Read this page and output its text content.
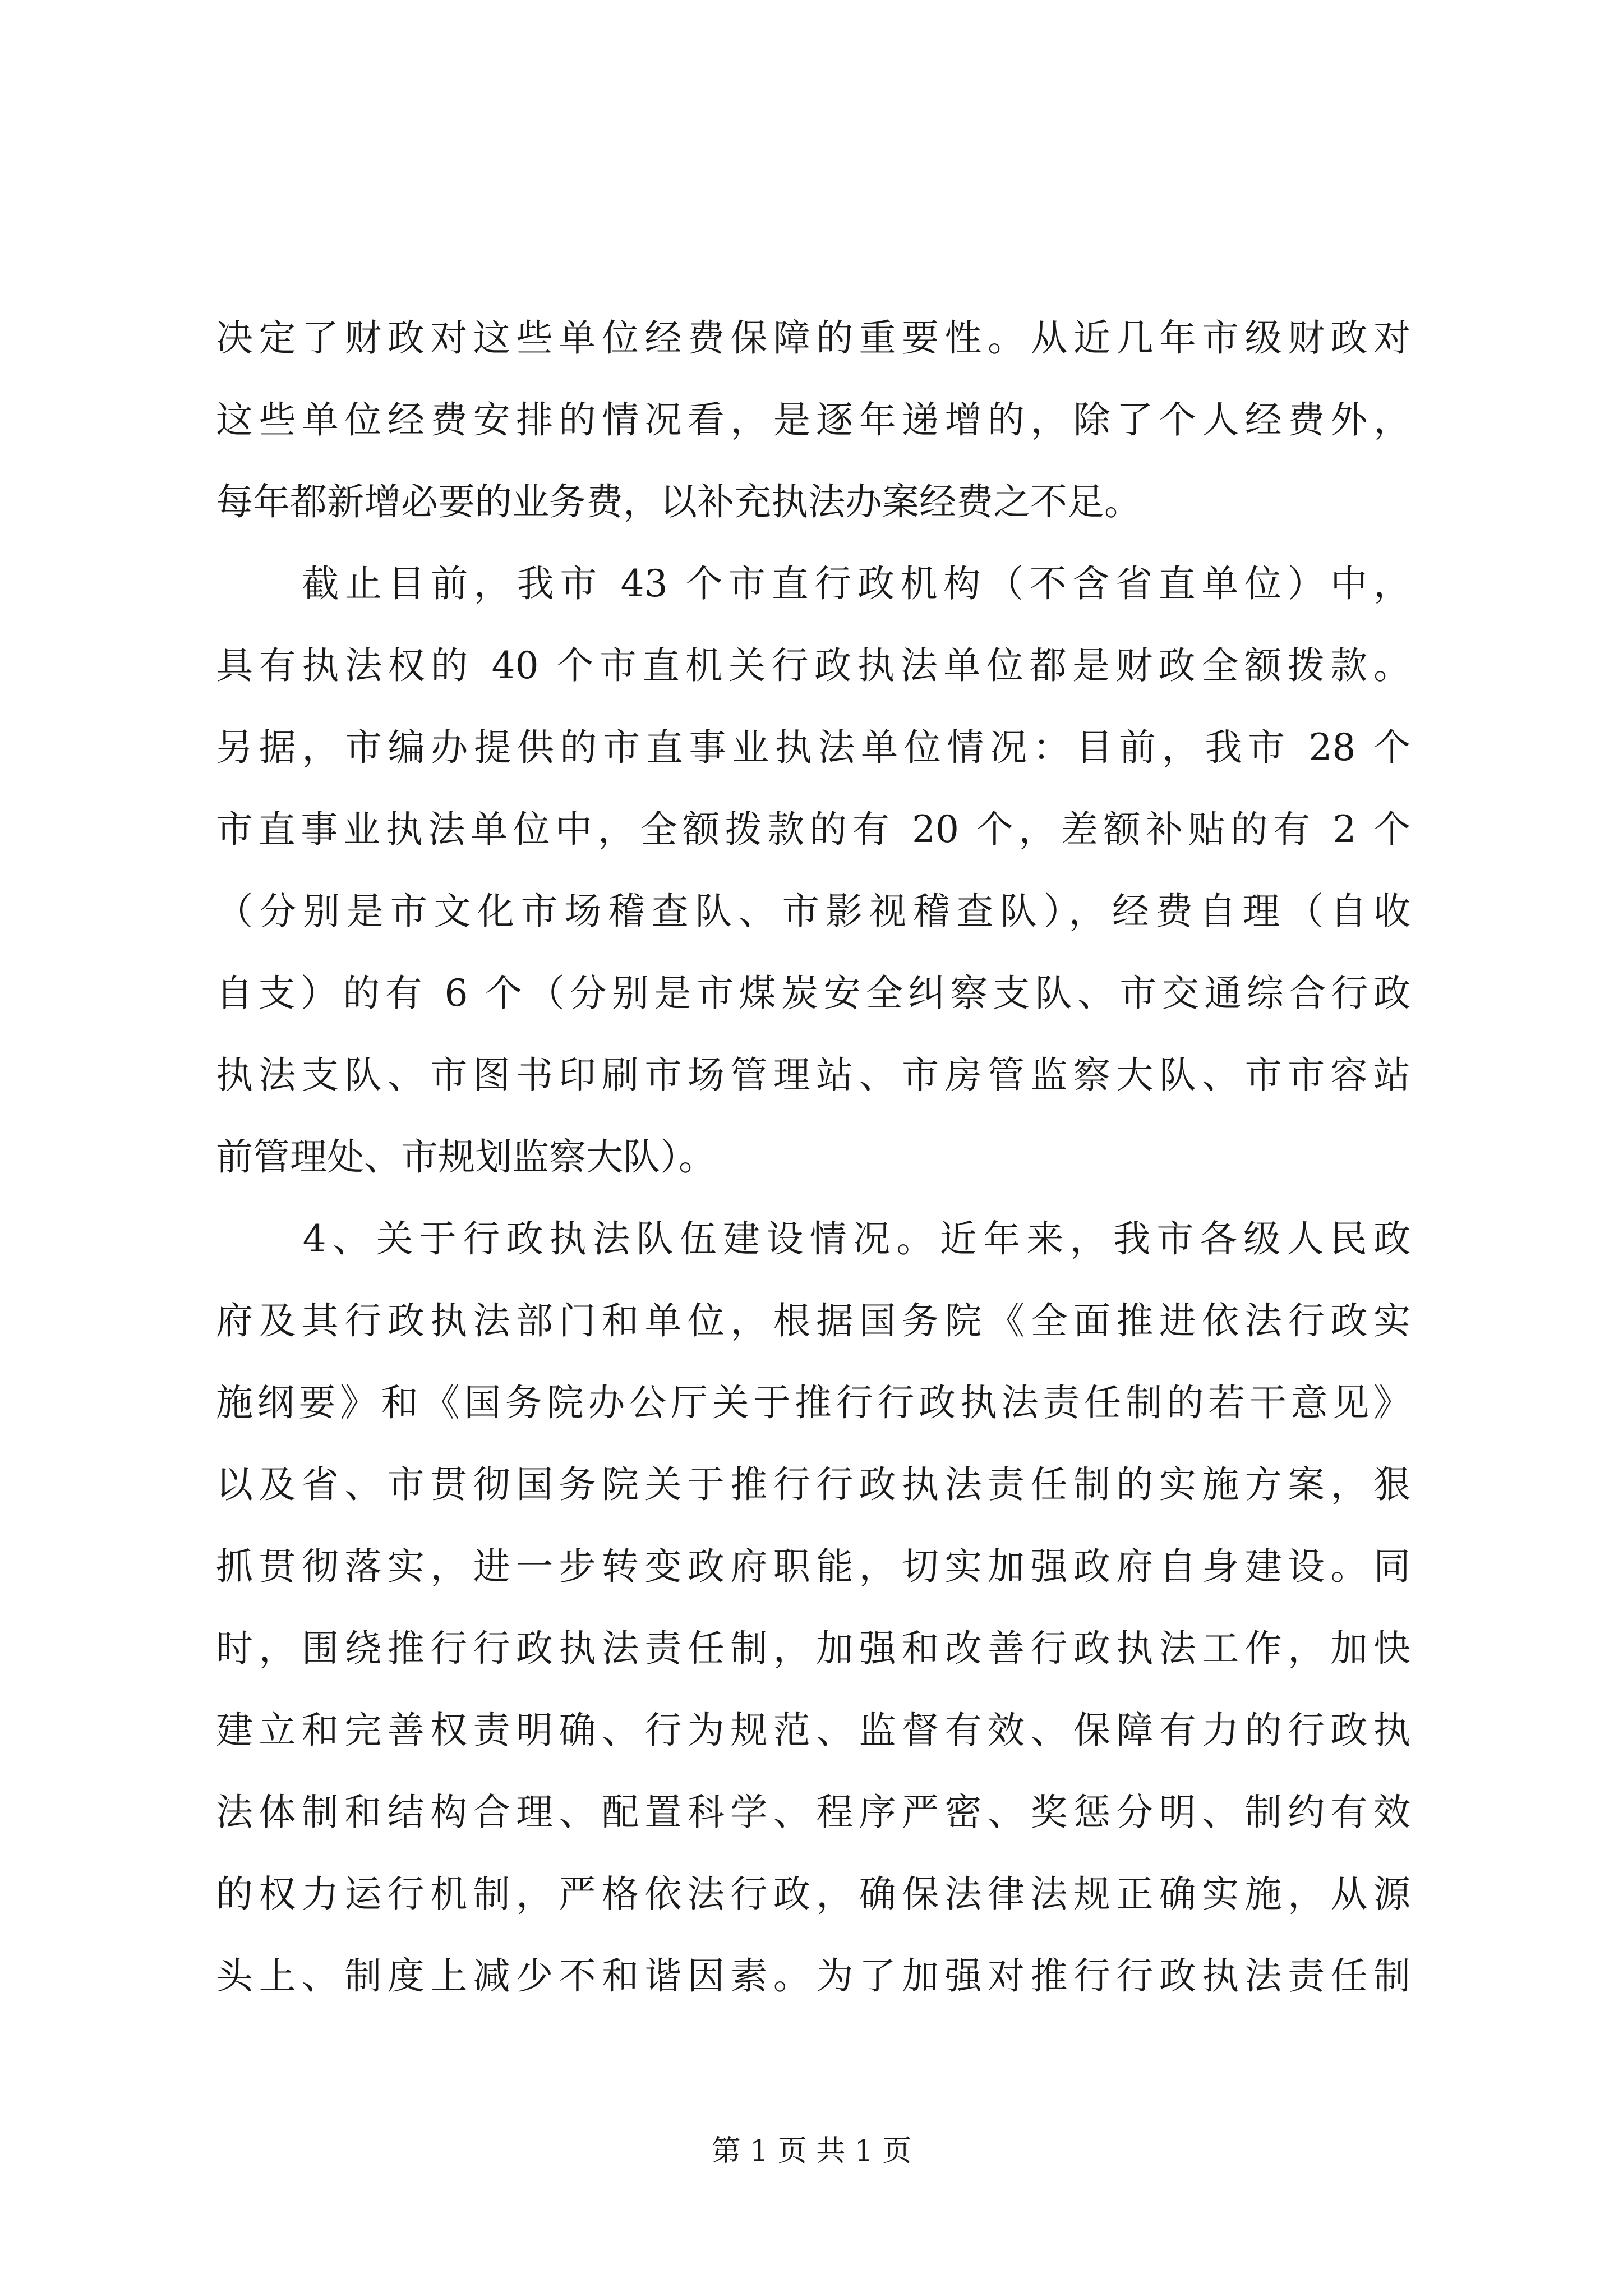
决定了财政对这些单位经费保障的重要性。从近几年市级财政对
这些单位经费安排的情况看，是逐年递增的，除了个人经费外，
每年都新增必要的业务费，以补充执法办案经费之不足。
　　截止目前，我市 43 个市直行政机构（不含省直单位）中，
具有执法权的 40 个市直机关行政执法单位都是财政全额拨款。
另据，市编办提供的市直事业执法单位情况：目前，我市 28 个
市直事业执法单位中，全额拨款的有 20 个，差额补贴的有 2 个
（分别是市文化市场稽查队、市影视稽查队），经费自理（自收
自支）的有 6 个（分别是市煤炭安全纠察支队、市交通综合行政
执法支队、市图书印刷市场管理站、市房管监察大队、市市容站
前管理处、市规划监察大队）。
　　4、关于行政执法队伍建设情况。近年来，我市各级人民政
府及其行政执法部门和单位，根据国务院《全面推进依法行政实
施纲要》和《国务院办公厅关于推行行政执法责任制的若干意见》
以及省、市贯彻国务院关于推行行政执法责任制的实施方案，狠
抓贯彻落实，进一步转变政府职能，切实加强政府自身建设。同
时，围绕推行行政执法责任制，加强和改善行政执法工作，加快
建立和完善权责明确、行为规范、监督有效、保障有力的行政执
法体制和结构合理、配置科学、程序严密、奖惩分明、制约有效
的权力运行机制，严格依法行政，确保法律法规正确实施，从源
头上、制度上减少不和谐因素。为了加强对推行行政执法责任制
第 1 页 共 1 页
